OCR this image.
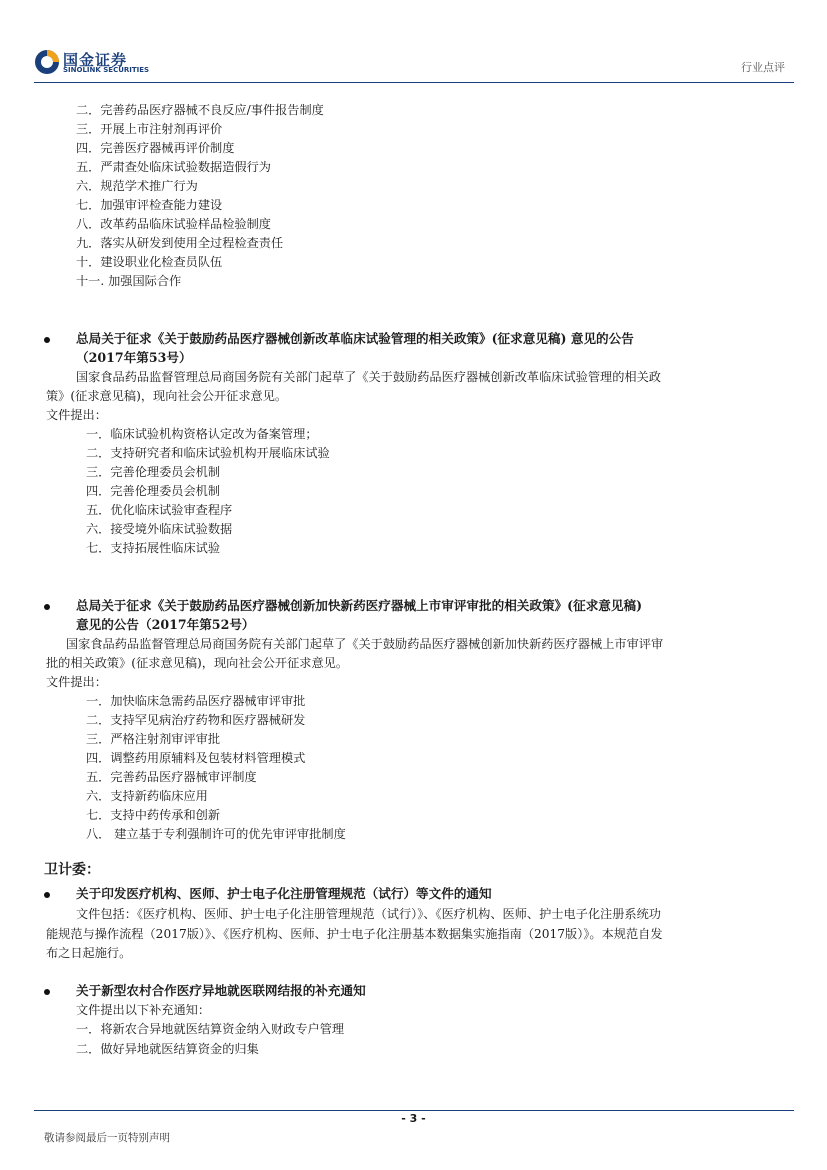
国金证券
SINOLINK SECURITIES	行业点评
二．完善药品医疗器械不良反应/事件报告制度
三．开展上市注射剂再评价
四．完善医疗器械再评价制度
五．严肃查处临床试验数据造假行为
六．规范学术推广行为
七．加强审评检查能力建设
八．改革药品临床试验样品检验制度
九．落实从研发到使用全过程检查责任
十．建设职业化检查员队伍
十一. 加强国际合作
总局关于征求《关于鼓励药品医疗器械创新改革临床试验管理的相关政策》(征求意见稿) 意见的公告
（2017年第53号）
国家食品药品监督管理总局商国务院有关部门起草了《关于鼓励药品医疗器械创新改革临床试验管理的相关政
策》(征求意见稿)，现向社会公开征求意见。
文件提出：
一．临床试验机构资格认定改为备案管理；
二．支持研究者和临床试验机构开展临床试验
三．完善伦理委员会机制
四．完善伦理委员会机制
五．优化临床试验审查程序
六．接受境外临床试验数据
七．支持拓展性临床试验
总局关于征求《关于鼓励药品医疗器械创新加快新药医疗器械上市审评审批的相关政策》(征求意见稿)
意见的公告（2017年第52号）
国家食品药品监督管理总局商国务院有关部门起草了《关于鼓励药品医疗器械创新加快新药医疗器械上市审评审
批的相关政策》(征求意见稿)，现向社会公开征求意见。
文件提出：
一．加快临床急需药品医疗器械审评审批
二．支持罕见病治疗药物和医疗器械研发
三．严格注射剂审评审批
四．调整药用原辅料及包装材料管理模式
五．完善药品医疗器械审评制度
六．支持新药临床应用
七．支持中药传承和创新
八． 建立基于专利强制许可的优先审评审批制度
卫计委：
关于印发医疗机构、医师、护士电子化注册管理规范（试行）等文件的通知
文件包括：《医疗机构、医师、护士电子化注册管理规范（试行）》、《医疗机构、医师、护士电子化注册系统功
能规范与操作流程（2017版）》、《医疗机构、医师、护士电子化注册基本数据集实施指南（2017版）》。本规范自发
布之日起施行。
关于新型农村合作医疗异地就医联网结报的补充通知
文件提出以下补充通知：
一．将新农合异地就医结算资金纳入财政专户管理
二．做好异地就医结算资金的归集
- 3 -
敬请参阅最后一页特别声明
